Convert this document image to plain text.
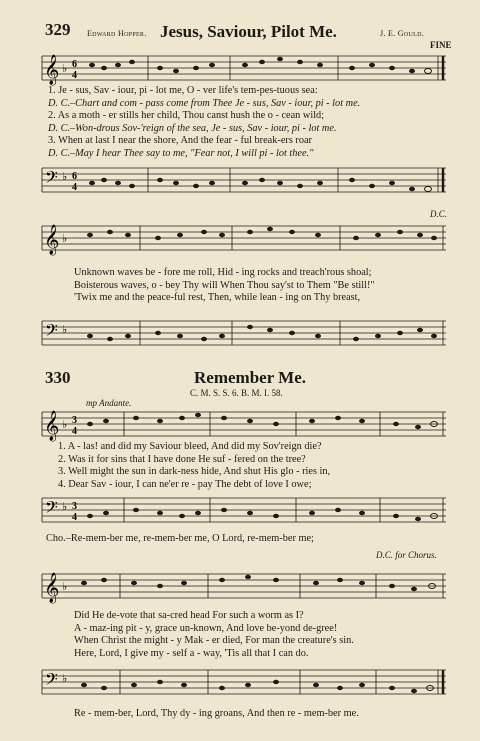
329 Edward Hopper. Jesus, Saviour, Pilot Me.	J. E. Gould.
FINE
𝄞 ♭ 6
4
1. Je - sus, Sav - iour, pi - lot me, O - ver life's tem-pes-tuous sea:
D. C.–Chart and com - pass come from Thee Je - sus, Sav - iour, pi - lot me.
2. As a moth - er stills her child, Thou canst hush the o - cean wild;
D. C.–Won-drous Sov-'reign of the sea, Je - sus, Sav - iour, pi - lot me.
3. When at last I near the shore, And the fear - ful break-ers roar
D. C.–May I hear Thee say to me, "Fear not, I will pi - lot thee."
𝄢 ♭ 6
4
D.C.
𝄞 ♭
Unknown waves be - fore me roll, Hid - ing rocks and treach'rous shoal;
Boisterous waves, o - bey Thy will When Thou say'st to Them "Be still!"
'Twix me and the peace-ful rest, Then, while lean - ing on Thy breast,
𝄢 ♭
330	Remember Me.
C. M. S. S. 6. B. M. I. 58.
mp Andante.
𝄞 ♭ 3
4
1. A - las! and did my Saviour bleed, And did my Sov'reign die?
2. Was it for sins that I have done He suf - fered on the tree?
3. Well might the sun in dark-ness hide, And shut His glo - ries in,
4. Dear Sav - iour, I can ne'er re - pay The debt of love I owe;
𝄢 ♭ 3
4
Cho.–Re-mem-ber me, re-mem-ber me, O Lord, re-mem-ber me;
D.C. for Chorus.
𝄞 ♭
Did He de-vote that sa-cred head For such a worm as I?
A - maz-ing pit - y, grace un-known, And love be-yond de-gree!
When Christ the might - y Mak - er died, For man the creature's sin.
Here, Lord, I give my - self a - way, 'Tis all that I can do.
𝄢 ♭
Re - mem-ber, Lord, Thy dy - ing groans, And then re - mem-ber me.
